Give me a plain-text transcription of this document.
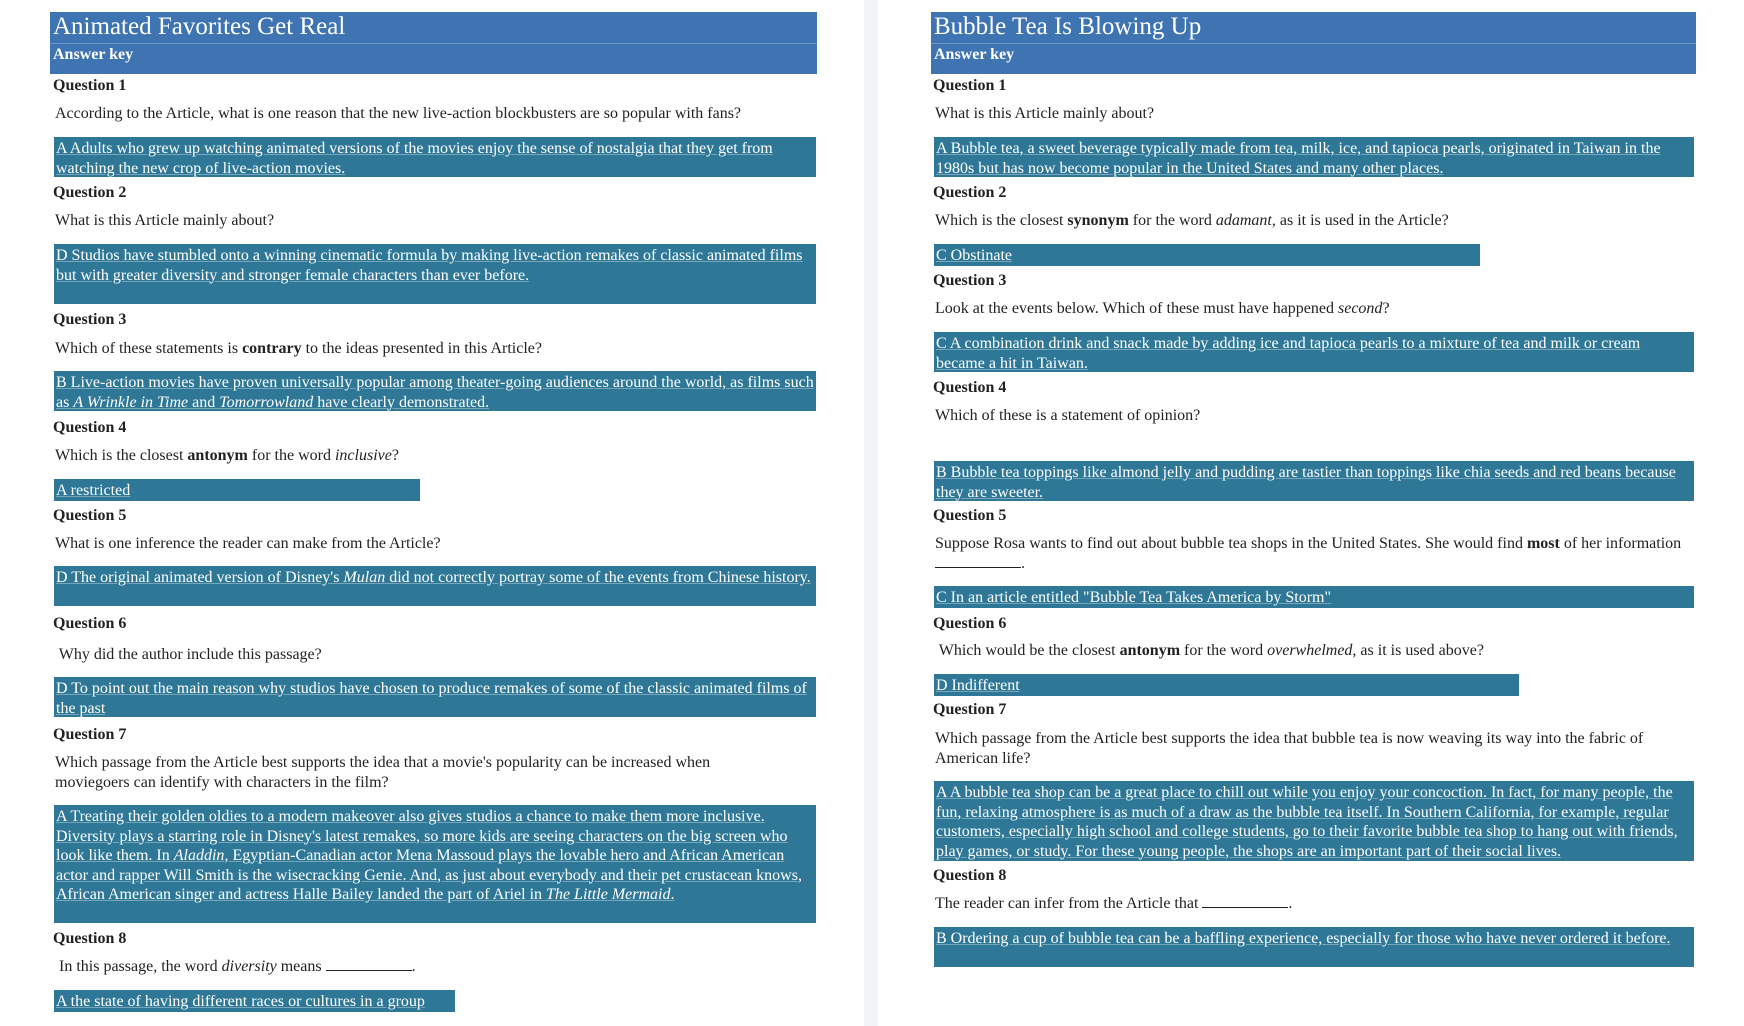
Animated Favorites Get Real
Answer key
Question 1
According to the Article, what is one reason that the new live-action blockbusters are so popular with fans?
A Adults who grew up watching animated versions of the movies enjoy the sense of nostalgia that they get from watching the new crop of live-action movies.
Question 2
What is this Article mainly about?
D Studios have stumbled onto a winning cinematic formula by making live-action remakes of classic animated films but with greater diversity and stronger female characters than ever before.
Question 3
Which of these statements is contrary to the ideas presented in this Article?
B Live-action movies have proven universally popular among theater-going audiences around the world, as films such as A Wrinkle in Time and Tomorrowland have clearly demonstrated.
Question 4
Which is the closest antonym for the word inclusive?
A restricted
Question 5
What is one inference the reader can make from the Article?
D The original animated version of Disney's Mulan did not correctly portray some of the events from Chinese history.
Question 6
Why did the author include this passage?
D To point out the main reason why studios have chosen to produce remakes of some of the classic animated films of the past
Question 7
Which passage from the Article best supports the idea that a movie's popularity can be increased when moviegoers can identify with characters in the film?
A Treating their golden oldies to a modern makeover also gives studios a chance to make them more inclusive. Diversity plays a starring role in Disney's latest remakes, so more kids are seeing characters on the big screen who look like them. In Aladdin, Egyptian-Canadian actor Mena Massoud plays the lovable hero and African American actor and rapper Will Smith is the wisecracking Genie. And, as just about everybody and their pet crustacean knows, African American singer and actress Halle Bailey landed the part of Ariel in The Little Mermaid.
Question 8
In this passage, the word diversity means	.
A the state of having different races or cultures in a group
Bubble Tea Is Blowing Up
Answer key
Question 1
What is this Article mainly about?
A Bubble tea, a sweet beverage typically made from tea, milk, ice, and tapioca pearls, originated in Taiwan in the 1980s but has now become popular in the United States and many other places.
Question 2
Which is the closest synonym for the word adamant, as it is used in the Article?
C Obstinate
Question 3
Look at the events below. Which of these must have happened second?
C A combination drink and snack made by adding ice and tapioca pearls to a mixture of tea and milk or cream became a hit in Taiwan.
Question 4
Which of these is a statement of opinion?
B Bubble tea toppings like almond jelly and pudding are tastier than toppings like chia seeds and red beans because they are sweeter.
Question 5
Suppose Rosa wants to find out about bubble tea shops in the United States. She would find most of her information .
C In an article entitled "Bubble Tea Takes America by Storm"
Question 6
Which would be the closest antonym for the word overwhelmed, as it is used above?
D Indifferent
Question 7
Which passage from the Article best supports the idea that bubble tea is now weaving its way into the fabric of American life?
A A bubble tea shop can be a great place to chill out while you enjoy your concoction. In fact, for many people, the fun, relaxing atmosphere is as much of a draw as the bubble tea itself. In Southern California, for example, regular customers, especially high school and college students, go to their favorite bubble tea shop to hang out with friends, play games, or study. For these young people, the shops are an important part of their social lives.
Question 8
The reader can infer from the Article that	.
B Ordering a cup of bubble tea can be a baffling experience, especially for those who have never ordered it before.
